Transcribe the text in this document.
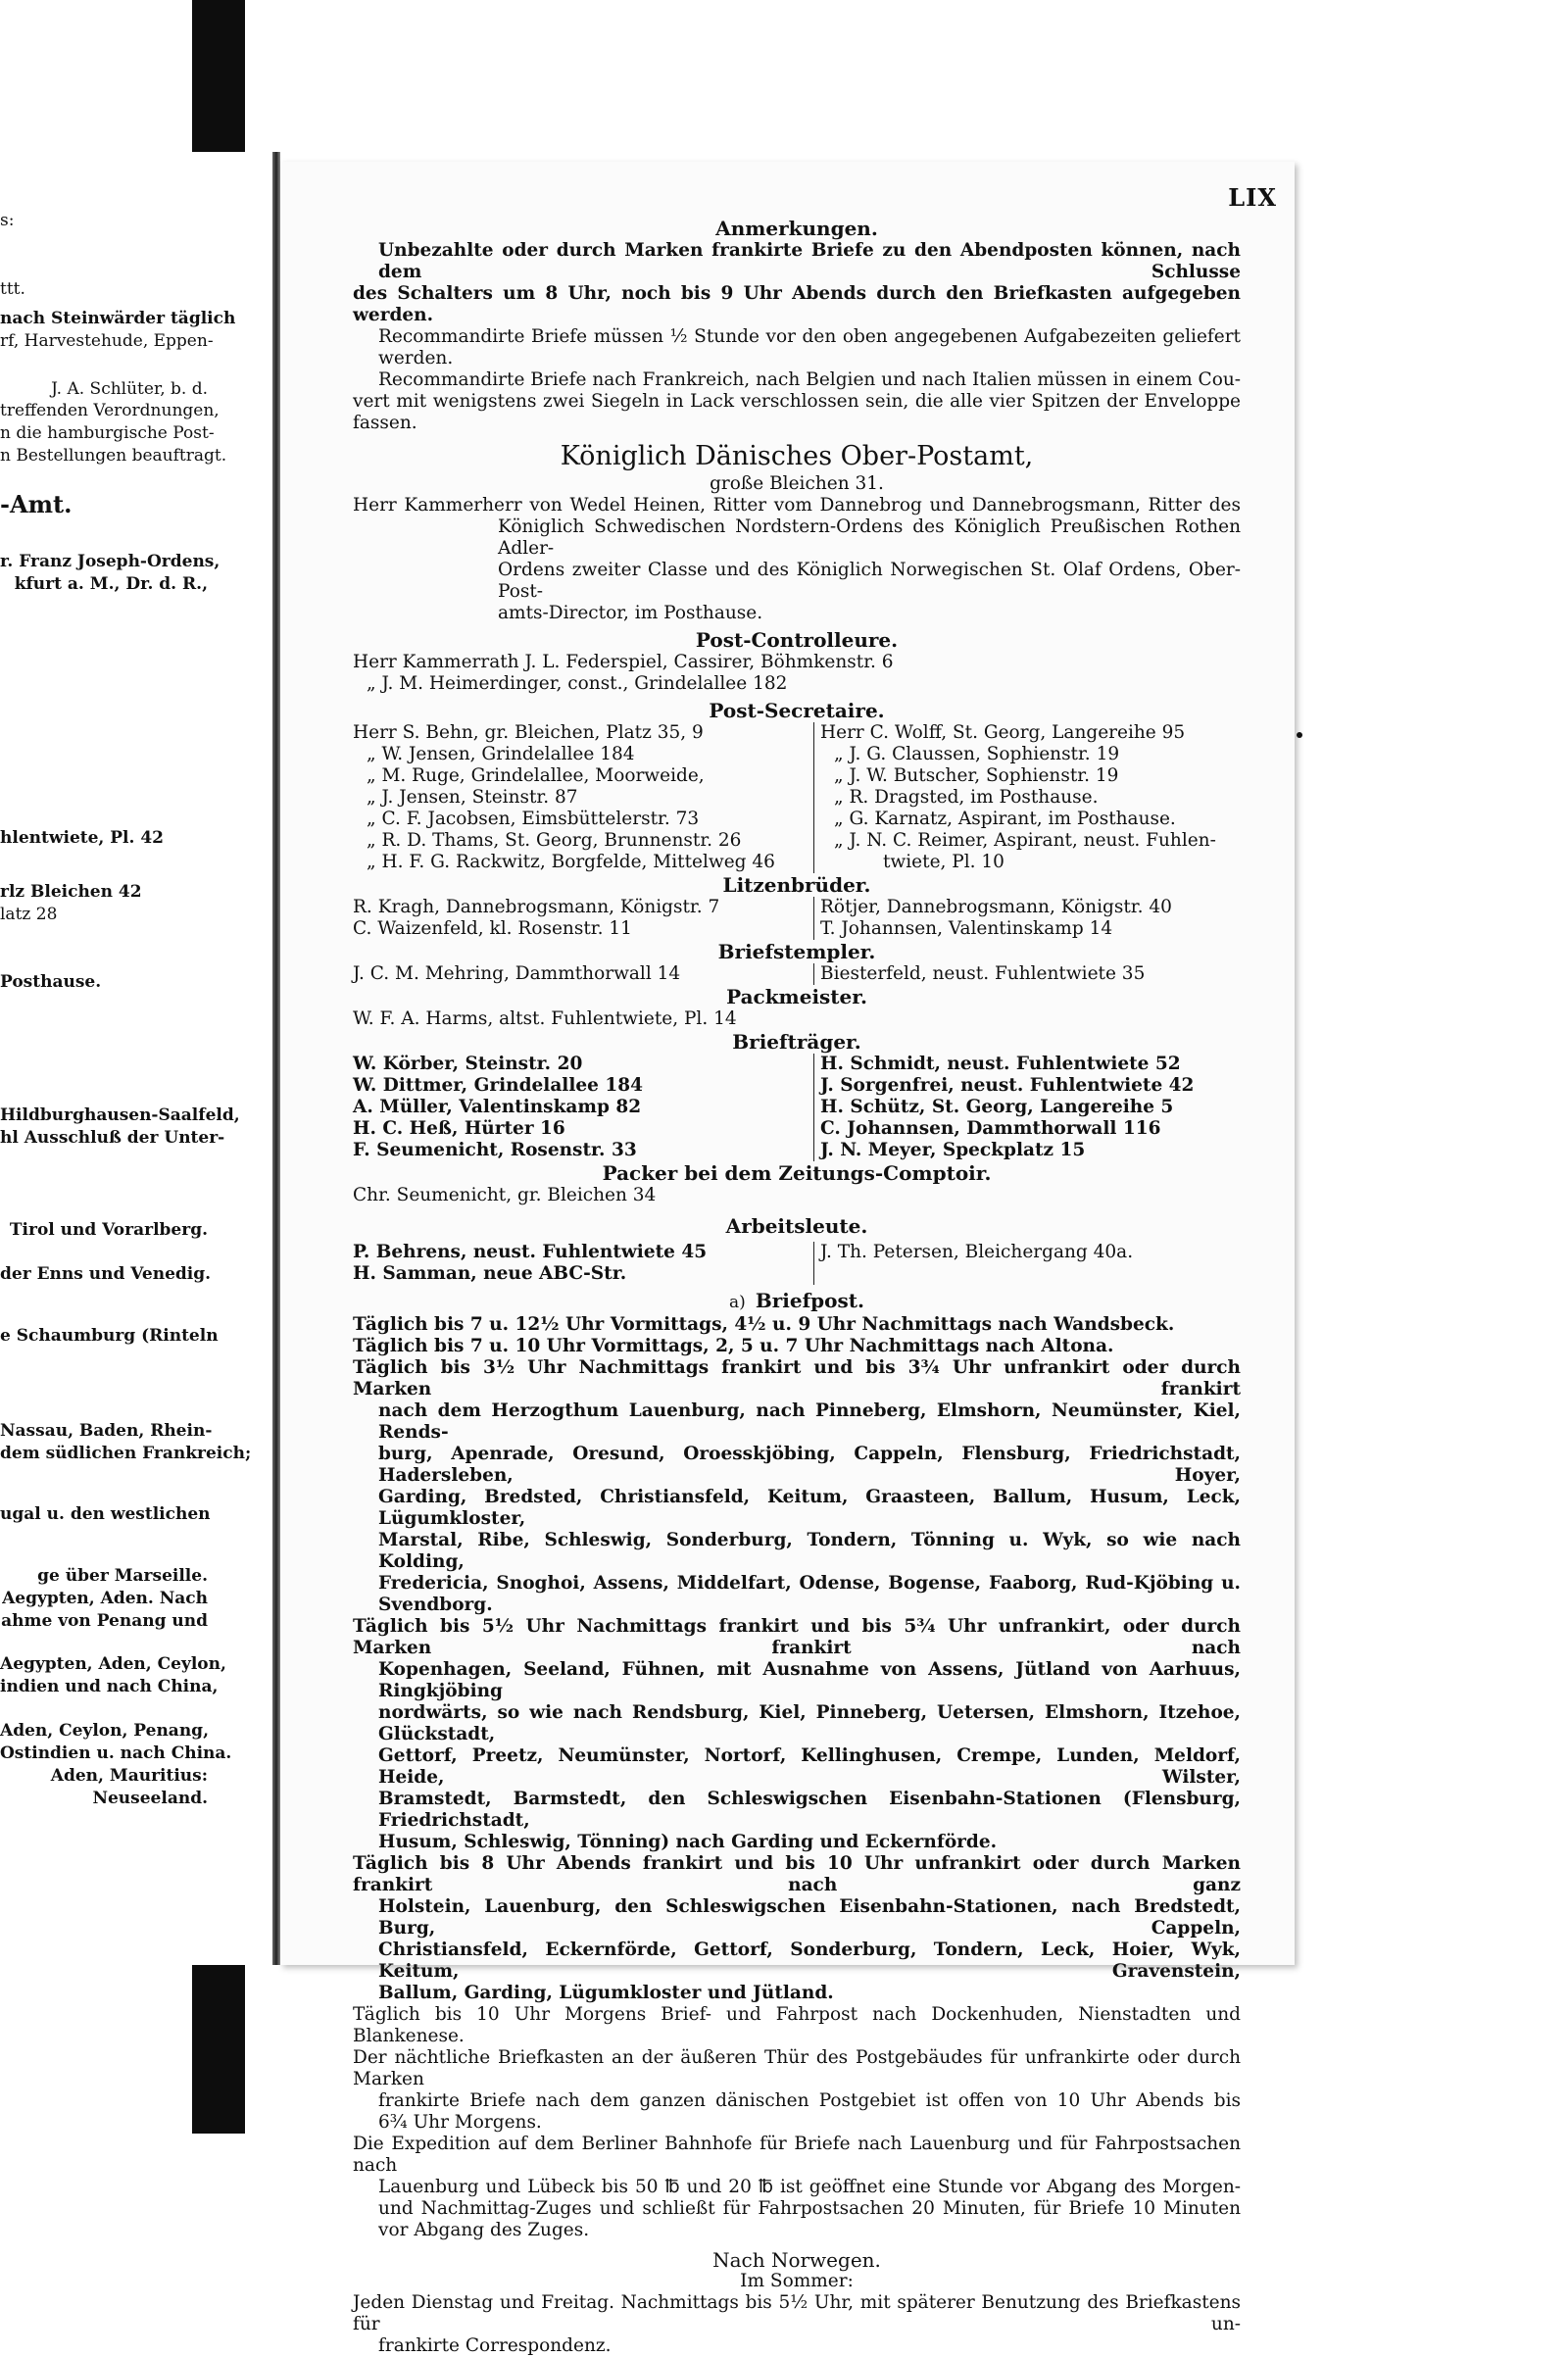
s:
ttt.
nach Steinwärder täglich
rf, Harvestehude, Eppen-
J. A. Schlüter, b. d.
treffenden Verordnungen,
n die hamburgische Post-
n Bestellungen beauftragt.
-Amt.
r. Franz Joseph-Ordens,
kfurt a. M., Dr. d. R.,
hlentwiete, Pl. 42
rlz Bleichen 42
latz 28
Posthause.
Hildburghausen-Saalfeld,
hl Ausschluß der Unter-
Tirol und Vorarlberg.
der Enns und Venedig.
e Schaumburg (Rinteln
Nassau, Baden, Rhein-
dem südlichen Frankreich;
ugal u. den westlichen
ge über Marseille.
Aegypten, Aden. Nach
ahme von Penang und
Aegypten, Aden, Ceylon,
indien und nach China,
Aden, Ceylon, Penang,
Ostindien u. nach China.
Aden, Mauritius:
Neuseeland.
LIX
Anmerkungen.
Unbezahlte oder durch Marken frankirte Briefe zu den Abendposten können, nach dem Schlusse
des Schalters um 8 Uhr, noch bis 9 Uhr Abends durch den Briefkasten aufgegeben werden.
Recommandirte Briefe müssen ½ Stunde vor den oben angegebenen Aufgabezeiten geliefert werden.
Recommandirte Briefe nach Frankreich, nach Belgien und nach Italien müssen in einem Cou-
vert mit wenigstens zwei Siegeln in Lack verschlossen sein, die alle vier Spitzen der Enveloppe fassen.
Königlich Dänisches Ober-Postamt,
große Bleichen 31.
Herr Kammerherr von Wedel Heinen, Ritter vom Dannebrog und Dannebrogsmann, Ritter des
Königlich Schwedischen Nordstern-Ordens des Königlich Preußischen Rothen Adler-
Ordens zweiter Classe und des Königlich Norwegischen St. Olaf Ordens, Ober-Post-
amts-Director, im Posthause.
Post-Controlleure.
Herr Kammerrath J. L. Federspiel, Cassirer, Böhmkenstr. 6
„ J. M. Heimerdinger, const., Grindelallee 182
Post-Secretaire.
Herr S. Behn, gr. Bleichen, Platz 35, 9
„ W. Jensen, Grindelallee 184
„ M. Ruge, Grindelallee, Moorweide,
„ J. Jensen, Steinstr. 87
„ C. F. Jacobsen, Eimsbüttelerstr. 73
„ R. D. Thams, St. Georg, Brunnenstr. 26
„ H. F. G. Rackwitz, Borgfelde, Mittelweg 46
Herr C. Wolff, St. Georg, Langereihe 95
„ J. G. Claussen, Sophienstr. 19
„ J. W. Butscher, Sophienstr. 19
„ R. Dragsted, im Posthause.
„ G. Karnatz, Aspirant, im Posthause.
„ J. N. C. Reimer, Aspirant, neust. Fuhlen-
twiete, Pl. 10
Litzenbrüder.
R. Kragh, Dannebrogsmann, Königstr. 7
C. Waizenfeld, kl. Rosenstr. 11
Rötjer, Dannebrogsmann, Königstr. 40
T. Johannsen, Valentinskamp 14
Briefstempler.
J. C. M. Mehring, Dammthorwall 14	Biesterfeld, neust. Fuhlentwiete 35
Packmeister.
W. F. A. Harms, altst. Fuhlentwiete, Pl. 14
Briefträger.
W. Körber, Steinstr. 20
W. Dittmer, Grindelallee 184
A. Müller, Valentinskamp 82
H. C. Heß, Hürter 16
F. Seumenicht, Rosenstr. 33
H. Schmidt, neust. Fuhlentwiete 52
J. Sorgenfrei, neust. Fuhlentwiete 42
H. Schütz, St. Georg, Langereihe 5
C. Johannsen, Dammthorwall 116
J. N. Meyer, Speckplatz 15
Packer bei dem Zeitungs-Comptoir.
Chr. Seumenicht, gr. Bleichen 34
Arbeitsleute.
P. Behrens, neust. Fuhlentwiete 45
H. Samman, neue ABC-Str.
J. Th. Petersen, Bleichergang 40a.
a) Briefpost.
Täglich bis 7 u. 12½ Uhr Vormittags, 4½ u. 9 Uhr Nachmittags nach Wandsbeck.
Täglich bis 7 u. 10 Uhr Vormittags, 2, 5 u. 7 Uhr Nachmittags nach Altona.
Täglich bis 3½ Uhr Nachmittags frankirt und bis 3¾ Uhr unfrankirt oder durch Marken frankirt
nach dem Herzogthum Lauenburg, nach Pinneberg, Elmshorn, Neumünster, Kiel, Rends-
burg, Apenrade, Oresund, Oroesskjöbing, Cappeln, Flensburg, Friedrichstadt, Hadersleben, Hoyer,
Garding, Bredsted, Christiansfeld, Keitum, Graasteen, Ballum, Husum, Leck, Lügumkloster,
Marstal, Ribe, Schleswig, Sonderburg, Tondern, Tönning u. Wyk, so wie nach Kolding,
Fredericia, Snoghoi, Assens, Middelfart, Odense, Bogense, Faaborg, Rud-Kjöbing u. Svendborg.
Täglich bis 5½ Uhr Nachmittags frankirt und bis 5¾ Uhr unfrankirt, oder durch Marken frankirt nach
Kopenhagen, Seeland, Fühnen, mit Ausnahme von Assens, Jütland von Aarhuus, Ringkjöbing
nordwärts, so wie nach Rendsburg, Kiel, Pinneberg, Uetersen, Elmshorn, Itzehoe, Glückstadt,
Gettorf, Preetz, Neumünster, Nortorf, Kellinghusen, Crempe, Lunden, Meldorf, Heide, Wilster,
Bramstedt, Barmstedt, den Schleswigschen Eisenbahn-Stationen (Flensburg, Friedrichstadt,
Husum, Schleswig, Tönning) nach Garding und Eckernförde.
Täglich bis 8 Uhr Abends frankirt und bis 10 Uhr unfrankirt oder durch Marken frankirt nach ganz
Holstein, Lauenburg, den Schleswigschen Eisenbahn-Stationen, nach Bredstedt, Burg, Cappeln,
Christiansfeld, Eckernförde, Gettorf, Sonderburg, Tondern, Leck, Hoier, Wyk, Keitum, Gravenstein,
Ballum, Garding, Lügumkloster und Jütland.
Täglich bis 10 Uhr Morgens Brief- und Fahrpost nach Dockenhuden, Nienstadten und Blankenese.
Der nächtliche Briefkasten an der äußeren Thür des Postgebäudes für unfrankirte oder durch Marken
frankirte Briefe nach dem ganzen dänischen Postgebiet ist offen von 10 Uhr Abends bis
6¾ Uhr Morgens.
Die Expedition auf dem Berliner Bahnhofe für Briefe nach Lauenburg und für Fahrpostsachen nach
Lauenburg und Lübeck bis 50 ℔ und 20 ℔ ist geöffnet eine Stunde vor Abgang des Morgen-
und Nachmittag-Zuges und schließt für Fahrpostsachen 20 Minuten, für Briefe 10 Minuten
vor Abgang des Zuges.
Nach Norwegen.
Im Sommer:
Jeden Dienstag und Freitag. Nachmittags bis 5½ Uhr, mit späterer Benutzung des Briefkastens für un-
frankirte Correspondenz.
